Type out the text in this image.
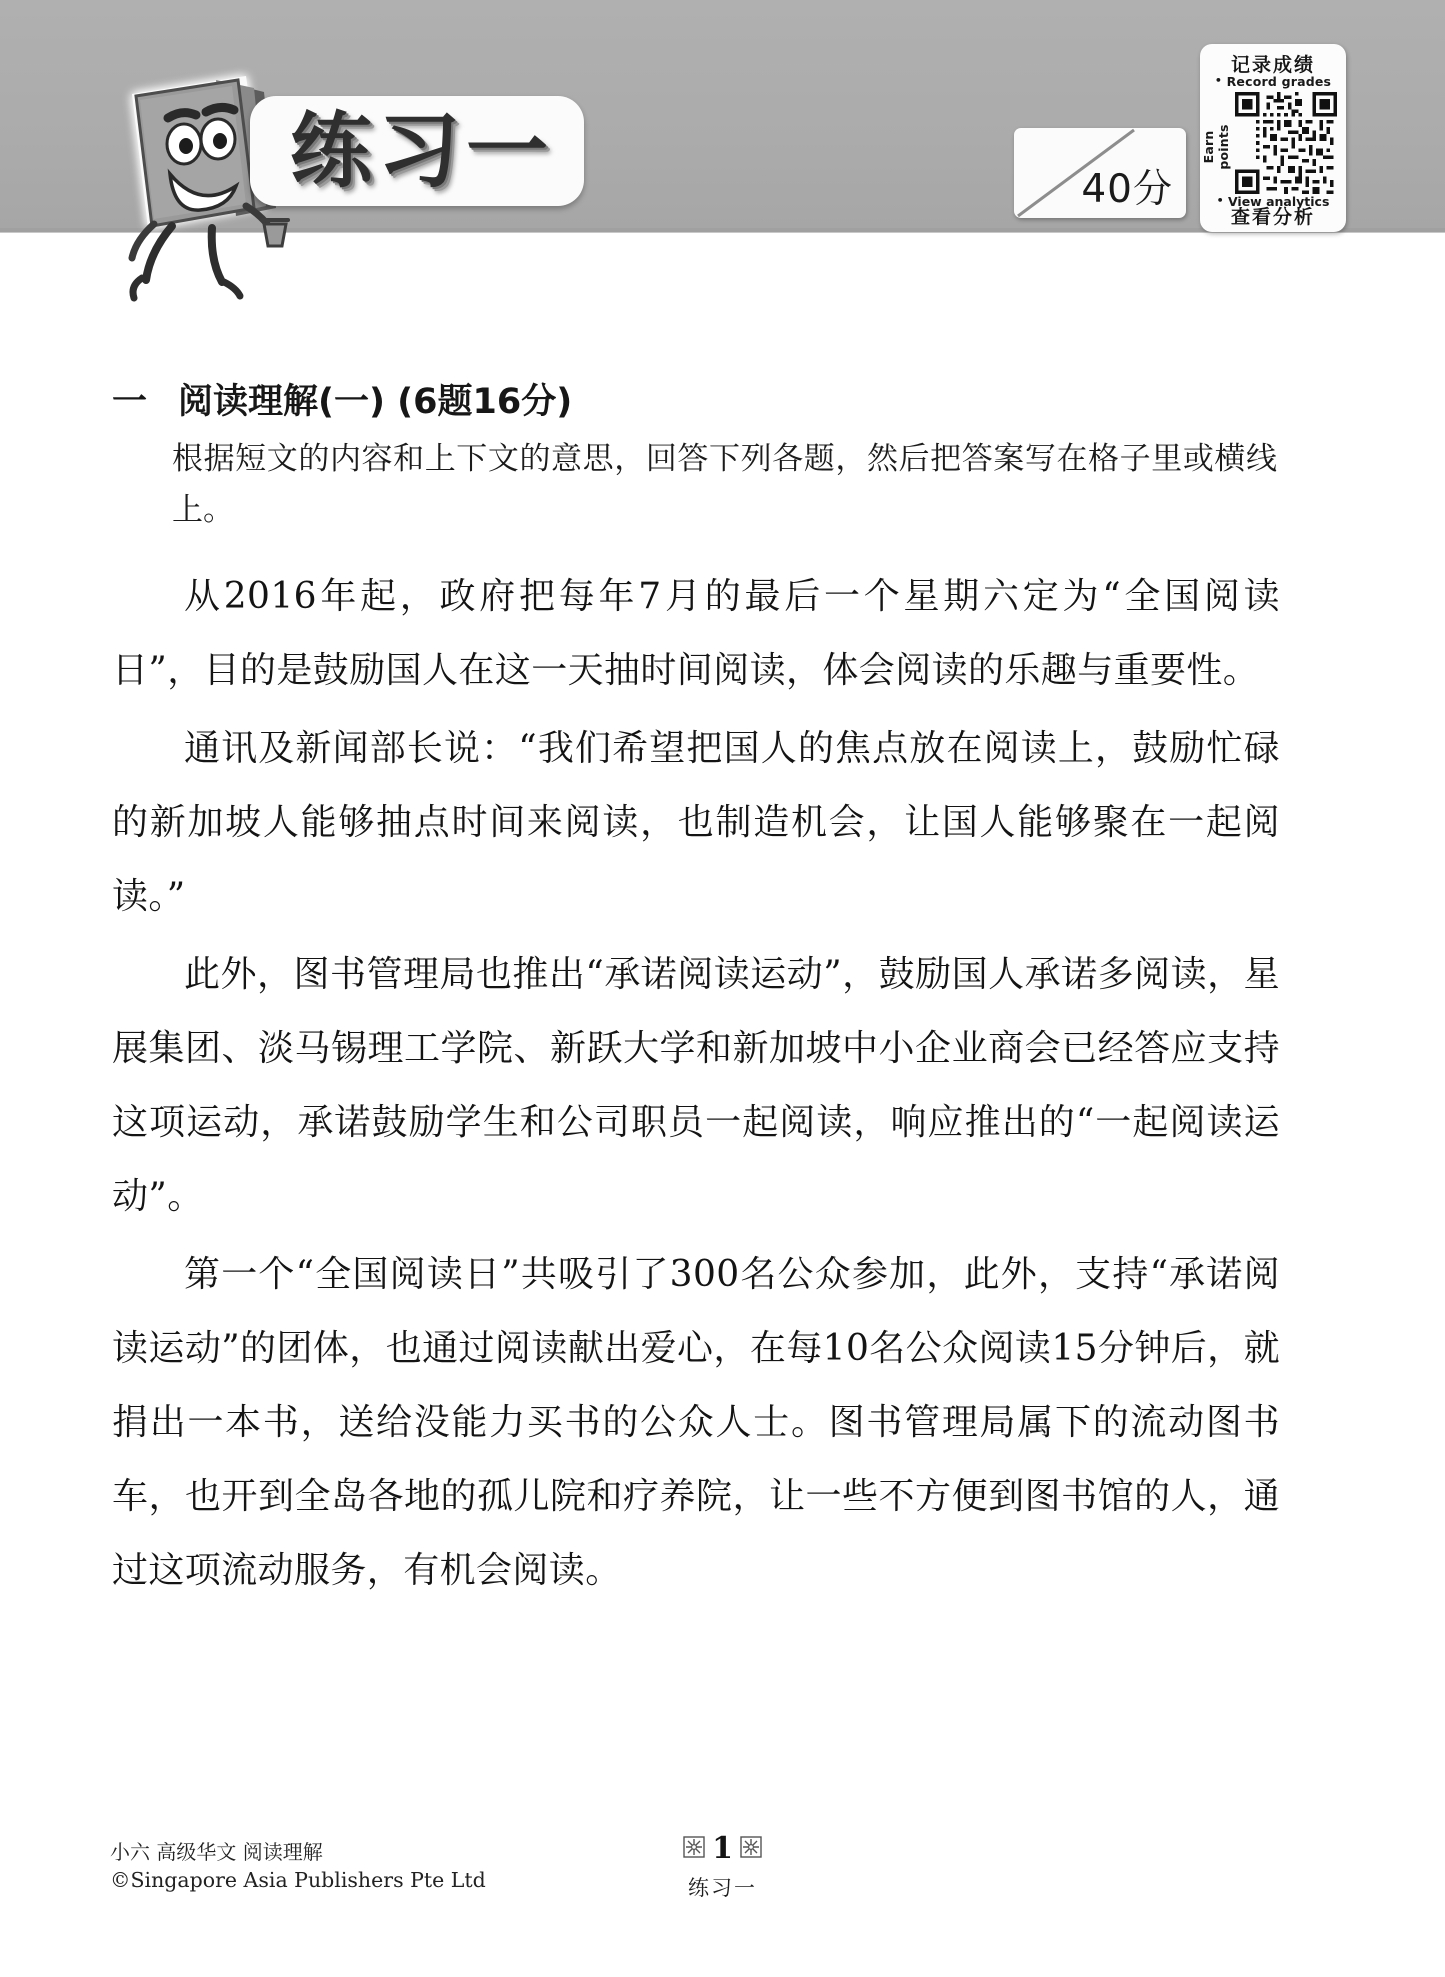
练习一	40分
记录成绩
• Record grades
Earn points
• View analytics
查看分析
一 阅读理解(一) (6题16分)
根据短文的内容和上下文的意思，回答下列各题，然后把答案写在格子里或横线上。

从2016年起，政府把每年7月的最后一个星期六定为“全国阅读日”，目的是鼓励国人在这一天抽时间阅读，体会阅读的乐趣与重要性。

通讯及新闻部长说：“我们希望把国人的焦点放在阅读上，鼓励忙碌的新加坡人能够抽点时间来阅读，也制造机会，让国人能够聚在一起阅读。”

此外，图书管理局也推出“承诺阅读运动”，鼓励国人承诺多阅读，星展集团、淡马锡理工学院、新跃大学和新加坡中小企业商会已经答应支持这项运动，承诺鼓励学生和公司职员一起阅读，响应推出的“一起阅读运动”。

第一个“全国阅读日”共吸引了300名公众参加，此外，支持“承诺阅读运动”的团体，也通过阅读献出爱心，在每10名公众阅读15分钟后，就捐出一本书，送给没能力买书的公众人士。图书管理局属下的流动图书车，也开到全岛各地的孤儿院和疗养院，让一些不方便到图书馆的人，通过这项流动服务，有机会阅读。

小六 高级华文 阅读理解
©Singapore Asia Publishers Pte Ltd
1
练习一
